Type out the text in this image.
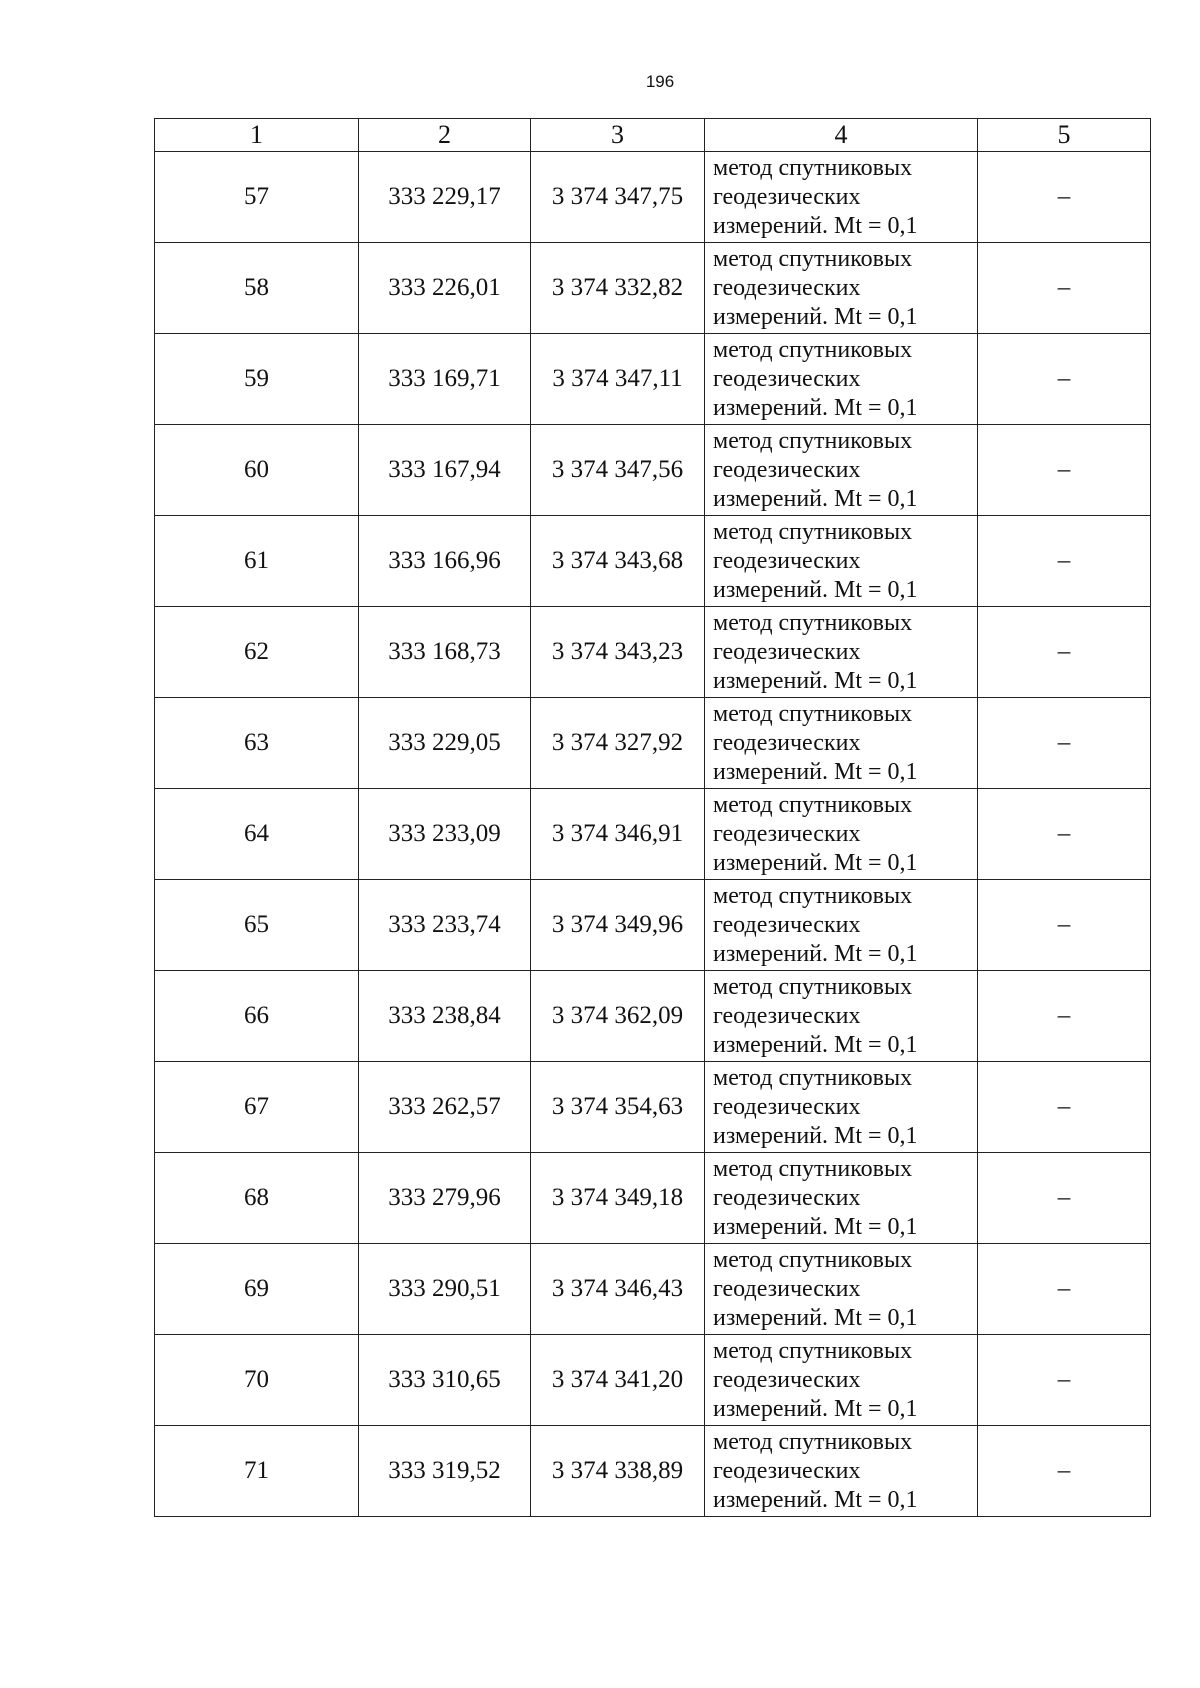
196
1	2	3	4	5
57	333 229,17	3 374 347,75	метод спутниковых
геодезических
измерений. Mt = 0,1	–
58	333 226,01	3 374 332,82	метод спутниковых
геодезических
измерений. Mt = 0,1	–
59	333 169,71	3 374 347,11	метод спутниковых
геодезических
измерений. Mt = 0,1	–
60	333 167,94	3 374 347,56	метод спутниковых
геодезических
измерений. Mt = 0,1	–
61	333 166,96	3 374 343,68	метод спутниковых
геодезических
измерений. Mt = 0,1	–
62	333 168,73	3 374 343,23	метод спутниковых
геодезических
измерений. Mt = 0,1	–
63	333 229,05	3 374 327,92	метод спутниковых
геодезических
измерений. Mt = 0,1	–
64	333 233,09	3 374 346,91	метод спутниковых
геодезических
измерений. Mt = 0,1	–
65	333 233,74	3 374 349,96	метод спутниковых
геодезических
измерений. Mt = 0,1	–
66	333 238,84	3 374 362,09	метод спутниковых
геодезических
измерений. Mt = 0,1	–
67	333 262,57	3 374 354,63	метод спутниковых
геодезических
измерений. Mt = 0,1	–
68	333 279,96	3 374 349,18	метод спутниковых
геодезических
измерений. Mt = 0,1	–
69	333 290,51	3 374 346,43	метод спутниковых
геодезических
измерений. Mt = 0,1	–
70	333 310,65	3 374 341,20	метод спутниковых
геодезических
измерений. Mt = 0,1	–
71	333 319,52	3 374 338,89	метод спутниковых
геодезических
измерений. Mt = 0,1	–
